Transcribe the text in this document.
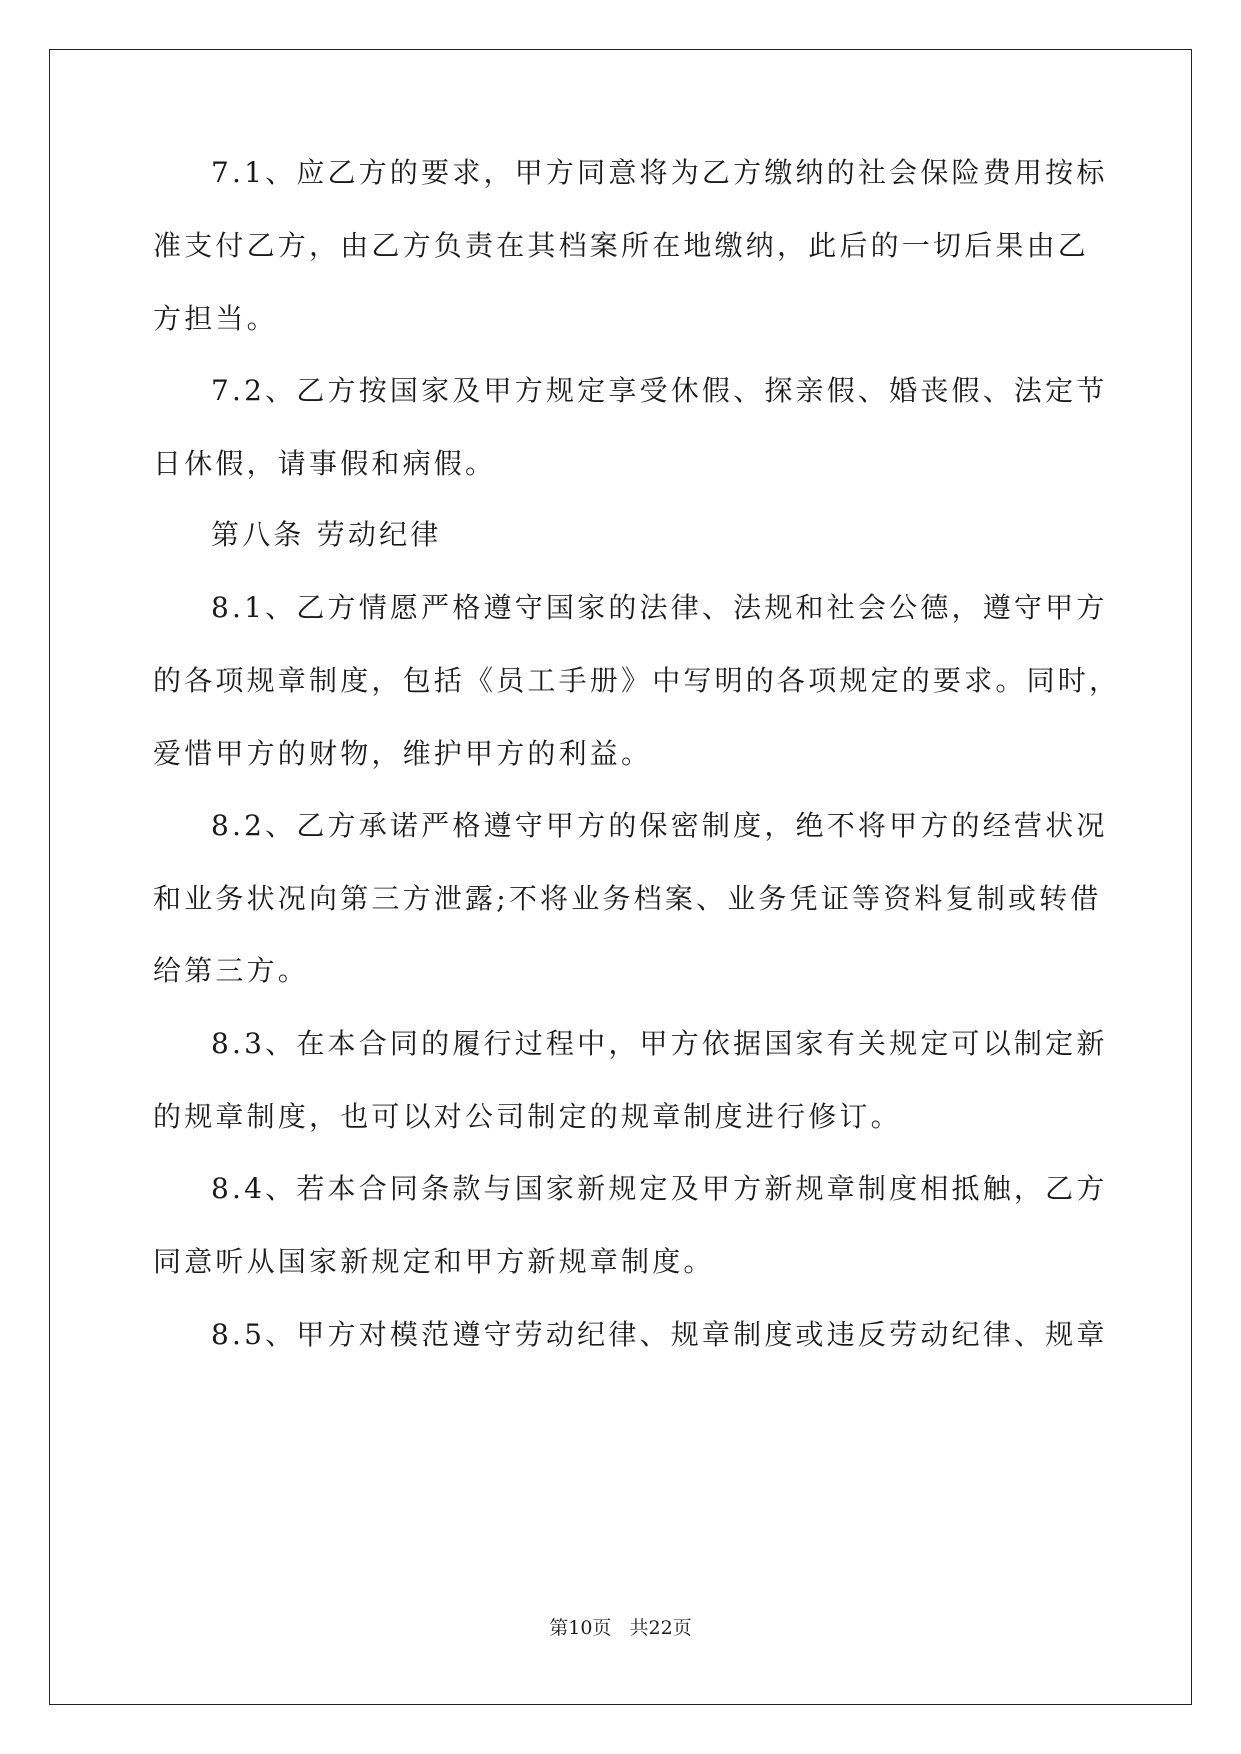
7.1、应乙方的要求，甲方同意将为乙方缴纳的社会保险费用按标
准支付乙方，由乙方负责在其档案所在地缴纳，此后的一切后果由乙
方担当。
7.2、乙方按国家及甲方规定享受休假、探亲假、婚丧假、法定节
日休假，请事假和病假。
第八条 劳动纪律
8.1、乙方情愿严格遵守国家的法律、法规和社会公德，遵守甲方
的各项规章制度，包括《员工手册》中写明的各项规定的要求。同时，
爱惜甲方的财物，维护甲方的利益。
8.2、乙方承诺严格遵守甲方的保密制度，绝不将甲方的经营状况
和业务状况向第三方泄露;不将业务档案、业务凭证等资料复制或转借
给第三方。
8.3、在本合同的履行过程中，甲方依据国家有关规定可以制定新
的规章制度，也可以对公司制定的规章制度进行修订。
8.4、若本合同条款与国家新规定及甲方新规章制度相抵触，乙方
同意听从国家新规定和甲方新规章制度。
8.5、甲方对模范遵守劳动纪律、规章制度或违反劳动纪律、规章
第10页   共22页
